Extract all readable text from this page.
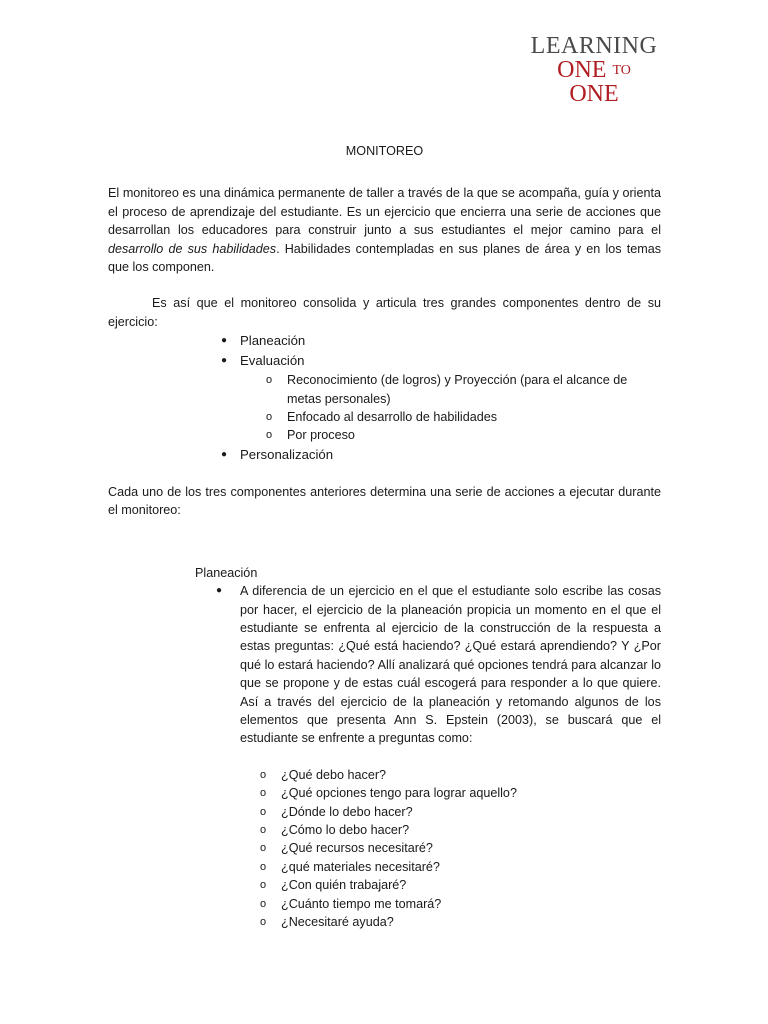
LEARNING
ONE TO ONE

MONITOREO

El monitoreo es una dinámica permanente de taller a través de la que se acompaña, guía y orienta el proceso de aprendizaje del estudiante. Es un ejercicio que encierra una serie de acciones que desarrollan los educadores para construir junto a sus estudiantes el mejor camino para el desarrollo de sus habilidades. Habilidades contempladas en sus planes de área y en los temas que los componen.

Es así que el monitoreo consolida y articula tres grandes componentes dentro de su ejercicio:

● Planeación
● Evaluación
o Reconocimiento (de logros) y Proyección (para el alcance de metas personales)
o Enfocado al desarrollo de habilidades
o Por proceso
● Personalización

Cada uno de los tres componentes anteriores determina una serie de acciones a ejecutar durante el monitoreo:

Planeación

● A diferencia de un ejercicio en el que el estudiante solo escribe las cosas por hacer, el ejercicio de la planeación propicia un momento en el que el estudiante se enfrenta al ejercicio de la construcción de la respuesta a estas preguntas: ¿Qué está haciendo? ¿Qué estará aprendiendo? Y ¿Por qué lo estará haciendo? Allí analizará qué opciones tendrá para alcanzar lo que se propone y de estas cuál escogerá para responder a lo que quiere. Así a través del ejercicio de la planeación y retomando algunos de los elementos que presenta Ann S. Epstein (2003), se buscará que el estudiante se enfrente a preguntas como:
o ¿Qué debo hacer?
o ¿Qué opciones tengo para lograr aquello?
o ¿Dónde lo debo hacer?
o ¿Cómo lo debo hacer?
o ¿Qué recursos necesitaré?
o ¿qué materiales necesitaré?
o ¿Con quién trabajaré?
o ¿Cuánto tiempo me tomará?
o ¿Necesitaré ayuda?
